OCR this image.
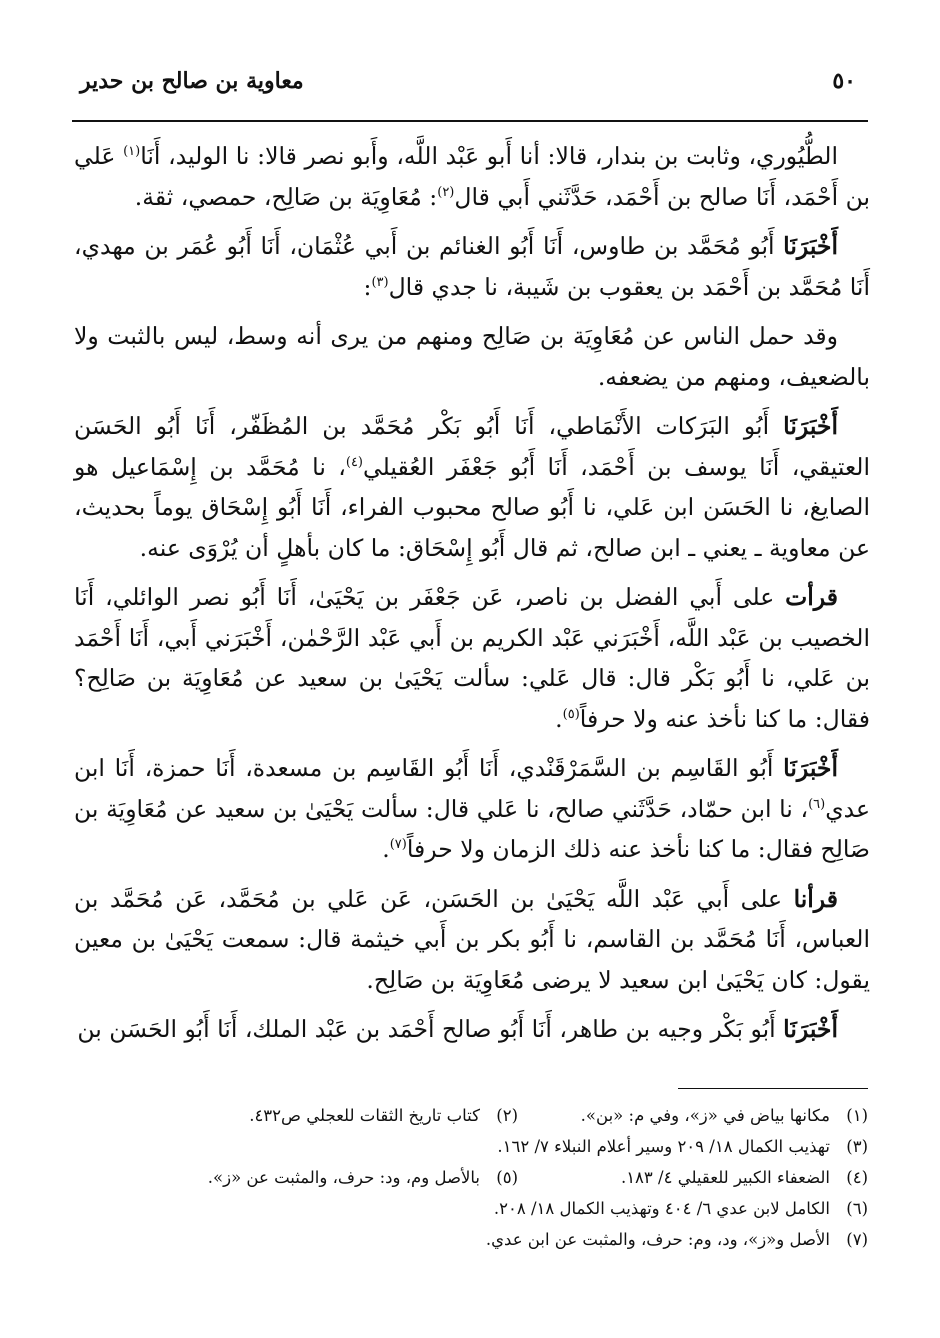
٥٠
معاوية بن صالح بن حدير

الطُّيُوري، وثابت بن بندار، قالا: أنا أَبو عَبْد اللَّه، وأَبو نصر قالا: نا الوليد، أَنَا$^{(١)}$ عَلي بن أَحْمَد، أَنَا صالح بن أَحْمَد، حَدَّثَني أَبي قال$^{(٢)}$: مُعَاوِيَة بن صَالِح، حمصي، ثقة.

أَخْبَرَنَا أَبُو مُحَمَّد بن طاوس، أَنَا أَبُو الغنائم بن أَبي عُثْمَان، أَنَا أَبُو عُمَر بن مهدي، أَنَا مُحَمَّد بن أَحْمَد بن يعقوب بن شَيبة، نا جدي قال$^{(٣)}$:

وقد حمل الناس عن مُعَاوِيَة بن صَالِح ومنهم من يرى أنه وسط، ليس بالثبت ولا بالضعيف، ومنهم من يضعفه.

أَخْبَرَنَا أَبُو البَرَكات الأَنْمَاطي، أَنَا أَبُو بَكْر مُحَمَّد بن المُظَفّر، أَنَا أَبُو الحَسَن العتيقي، أَنَا يوسف بن أَحْمَد، أَنَا أَبُو جَعْفَر العُقيلي$^{(٤)}$، نا مُحَمَّد بن إِسْمَاعيل هو الصايغ، نا الحَسَن ابن عَلي، نا أَبُو صالح محبوب الفراء، أَنَا أَبُو إِسْحَاق يوماً بحديث، عن معاوية ـ يعني ـ ابن صالح، ثم قال أَبُو إِسْحَاق: ما كان بأهلٍ أن يُرْوَى عنه.

قرأت على أَبي الفضل بن ناصر، عَن جَعْفَر بن يَحْيَىٰ، أَنَا أَبُو نصر الوائلي، أَنَا الخصيب بن عَبْد اللَّه، أَخْبَرَني عَبْد الكريم بن أَبي عَبْد الرَّحْمٰن، أَخْبَرَني أَبي، أَنَا أَحْمَد بن عَلي، نا أَبُو بَكْر قال: قال عَلي: سألت يَحْيَىٰ بن سعيد عن مُعَاوِيَة بن صَالِح؟ فقال: ما كنا نأخذ عنه ولا حرفاً$^{(٥)}$.

أَخْبَرَنَا أَبُو القَاسِم بن السَّمَرْقَنْدي، أَنَا أَبُو القَاسِم بن مسعدة، أَنَا حمزة، أَنَا ابن عدي$^{(٦)}$، نا ابن حمّاد، حَدَّثَني صالح، نا عَلي قال: سألت يَحْيَىٰ بن سعيد عن مُعَاوِيَة بن صَالِح فقال: ما كنا نأخذ عنه ذلك الزمان ولا حرفاً$^{(٧)}$.

قرأنا على أَبي عَبْد اللَّه يَحْيَىٰ بن الحَسَن، عَن عَلي بن مُحَمَّد، عَن مُحَمَّد بن العباس، أَنَا مُحَمَّد بن القاسم، نا أَبُو بكر بن أَبي خيثمة قال: سمعت يَحْيَىٰ بن معين يقول: كان يَحْيَىٰ ابن سعيد لا يرضى مُعَاوِيَة بن صَالِح.

أَخْبَرَنَا أَبُو بَكْر وجيه بن طاهر، أَنَا أَبُو صالح أَحْمَد بن عَبْد الملك، أَنَا أَبُو الحَسَن بن

(١)
مكانها بياض في «ز»، وفي م: «بن».
(٢)
كتاب تاريخ الثقات للعجلي ص٤٣٢.
(٣)
تهذيب الكمال ١٨/ ٢٠٩ وسير أعلام النبلاء ٧/ ١٦٢.
(٤)
الضعفاء الكبير للعقيلي ٤/ ١٨٣.
(٥)
بالأصل وم، ود: حرف، والمثبت عن «ز».
(٦)
الكامل لابن عدي ٦/ ٤٠٤ وتهذيب الكمال ١٨/ ٢٠٨.
(٧)
الأصل و«ز»، ود، وم: حرف، والمثبت عن ابن عدي.
